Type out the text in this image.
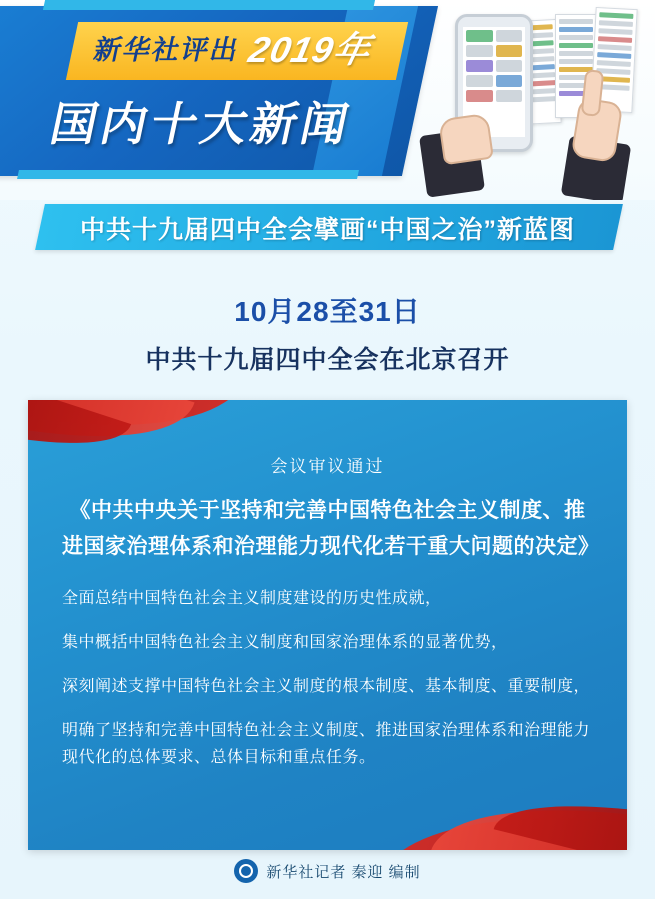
新华社评出 2019年
国内十大新闻
中共十九届四中全会擘画“中国之治”新蓝图
10月28至31日
中共十九届四中全会在北京召开
会议审议通过
《中共中央关于坚持和完善中国特色社会主义制度、推进国家治理体系和治理能力现代化若干重大问题的决定》

全面总结中国特色社会主义制度建设的历史性成就，

集中概括中国特色社会主义制度和国家治理体系的显著优势，

深刻阐述支撑中国特色社会主义制度的根本制度、基本制度、重要制度，

明确了坚持和完善中国特色社会主义制度、推进国家治理体系和治理能力现代化的总体要求、总体目标和重点任务。

新华社记者 秦迎 编制
